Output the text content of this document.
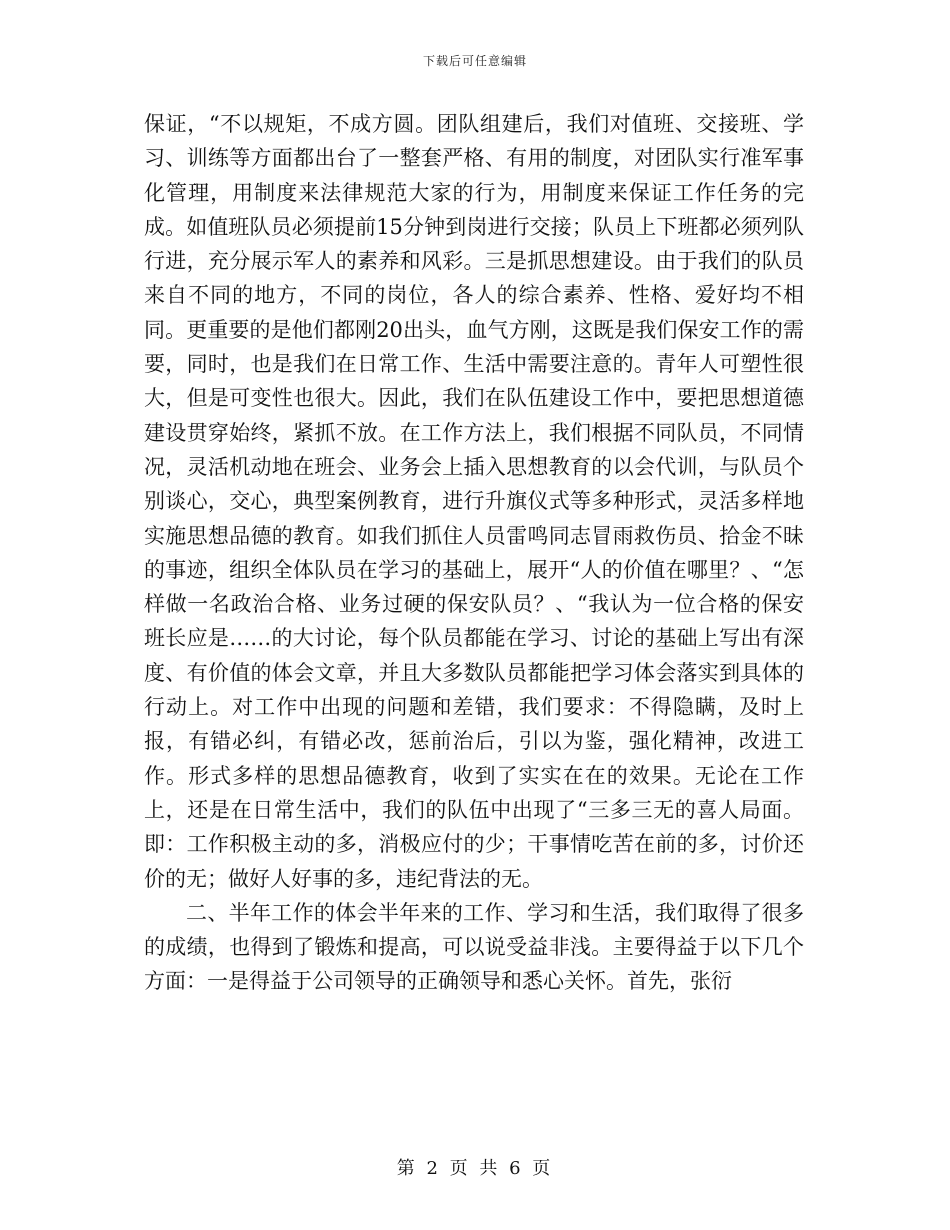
下载后可任意编辑

保证，“不以规矩，不成方圆。团队组建后，我们对值班、交接班、学习、训练等方面都出台了一整套严格、有用的制度，对团队实行准军事化管理，用制度来法律规范大家的行为，用制度来保证工作任务的完成。如值班队员必须提前15分钟到岗进行交接；队员上下班都必须列队行进，充分展示军人的素养和风彩。三是抓思想建设。由于我们的队员来自不同的地方，不同的岗位，各人的综合素养、性格、爱好均不相同。更重要的是他们都刚20出头，血气方刚，这既是我们保安工作的需要，同时，也是我们在日常工作、生活中需要注意的。青年人可塑性很大，但是可变性也很大。因此，我们在队伍建设工作中，要把思想道德建设贯穿始终，紧抓不放。在工作方法上，我们根据不同队员，不同情况，灵活机动地在班会、业务会上插入思想教育的以会代训，与队员个别谈心，交心，典型案例教育，进行升旗仪式等多种形式，灵活多样地实施思想品德的教育。如我们抓住人员雷鸣同志冒雨救伤员、拾金不昧的事迹，组织全体队员在学习的基础上，展开“人的价值在哪里？、“怎样做一名政治合格、业务过硬的保安队员？、“我认为一位合格的保安班长应是……的大讨论，每个队员都能在学习、讨论的基础上写出有深度、有价值的体会文章，并且大多数队员都能把学习体会落实到具体的行动上。对工作中出现的问题和差错，我们要求：不得隐瞒，及时上报，有错必纠，有错必改，惩前治后，引以为鉴，强化精神，改进工作。形式多样的思想品德教育，收到了实实在在的效果。无论在工作上，还是在日常生活中，我们的队伍中出现了“三多三无的喜人局面。即：工作积极主动的多，消极应付的少；干事情吃苦在前的多，讨价还价的无；做好人好事的多，违纪背法的无。

二、半年工作的体会半年来的工作、学习和生活，我们取得了很多的成绩，也得到了锻炼和提高，可以说受益非浅。主要得益于以下几个方面：一是得益于公司领导的正确领导和悉心关怀。首先，张衍

第 2 页 共 6 页
